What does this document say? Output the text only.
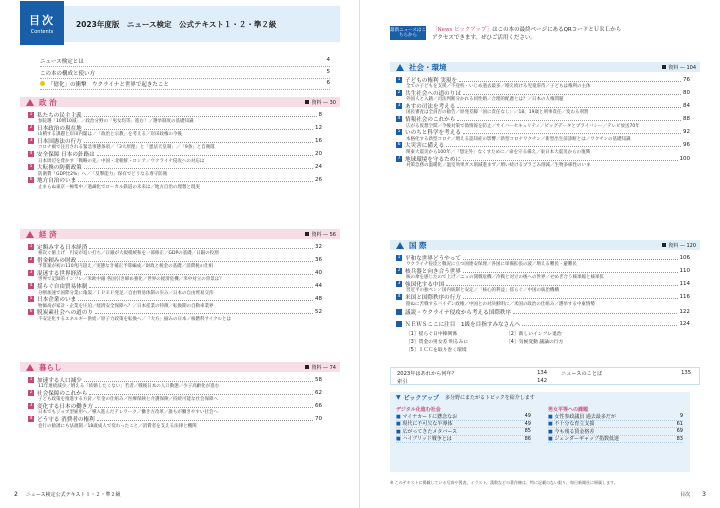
目次
Contents
2023年度版　ニュース検定　公式テキスト１・２・準２級
ニュース検定とは	4
この本の構成と使い方	5
「億化」の衝撃　ウクライナと世界で起きたこと	6
政 治	資料 — 30
1 私たちの民主主義	8
参院選「10増10減」／政治分野の「男女均等」進む！／選挙制度の基礎知識
2 日本政治の現在地	12
山積する課題と岸田内閣は／「政治と宗教」を考える／岸田政権の今後
3 日本国憲法の行方	16
コロナ禍で注目される緊急事態条項／「3大原理」と「憲法天皇制」／「9条」と自衛隊
4 安全保障 日本の針路は	20
日本周辺を脅かす「戦略の先」中国・北朝鮮・ロシア／ウクライナ侵攻への対応は
5 大転換の防衛政策	24
防衛費「GDP比2%」へ／「反撃能力」保有でどうなる専守防衛
6 地方自治のいま	26
止まらぬ東京一極集中／過疎化でローカル鉄道の未来は／地方自治の理想と現実
経 済	資料 — 56
1 定額みする日本経済	32
相次ぐ値上げ　円安が追い打ち／日銀が大規模緩和を一部修正／GDPの基礎／日銀の役割
2 借金頼みの財政	36
予算案が初の110兆円超え／実態なき補正予算編成／財政と税金の基礎／消費税の仕組
3 混迷する世界経済	40
世界で記録的インフレ／米欧中銀 各国引き締め強化／世界の経済危機／米中対立の背景は？
4 揺らぐ自由貿易体制	44
分断加速で国際分業に亀裂／ＩＰＥＦ発足／自由貿易体制の歩み／日本の自由貿易交渉
5 日本企業のいま	48
物価高が家計・企業を圧迫／経済安全保障へ？／日本産業の特徴／転換期の自動車業界
6 脱炭素社会への道のり	52
不安定化するエネルギー供給／原子力政策を転換へ／「大方」揃みの日本／核燃料サイクルとは
暮らし	資料 — 74
1 加速する人口減少	58
11年連続減少／増える「結婚したくない」若者／戦後日本の人口動態／少子高齢化が進む
2 社会保障のこれから	62
子ども政策を推進する方針／年金の仕組み／医療保険と介護保険／持続可能な社会保障へ
3 変化する日本の働き方	66
日本でもジョブ型雇用へ／導入進んだテレワーク／働き方改革／誰もが働きやすい社会へ
4 どう守る 消費者の権利	70
巻行の勧誘にも法規制／18歳成人で変わったこと／消費者を支える法律と機関
2 ニュース検定公式テキスト１・２・準２級
最新ニュースはこちらから
［News ピックアップ］はこの本の最終ページにあるQRコードとＵＲＬから
アクセスできます。ぜひご活用ください。
社会・環境	資料 — 104
1 子どもの権利 実現を	76
全ての子どもを支援／不登校・いじめ過去最多／増え続ける児童虐待／子どもは権利の主体
2 共生社会への道のりは	80
外国人と入籍／司法判断分かれる同性婚／合理的配慮とは？／日本の人権問題
3 あすの司法を考える	84
国民審査は全員否の勧告／原発差脚「国に責任なし」／18、19歳と刑事責任／変わる刑罰
4 情報社会のこれから	88
広がる仮想空間／今後対策で偽情報を防止／サイバーセキュリティ／ビッグデータとプライバシー／テレビ放送70年
5 いのちと科学を考える	92
本格化する新型コロナ／増える認知症の影響／新型コロナワクチン／新型出生前診断とは／ワクチンの基礎知識
6 大災害に備える	96
関東大震災から100年／「想定外」なくすために／命を守る備え／東日本大震災からの復興
7 地球環境を守るために	100
対策急務の温暖化／温室効果ガス削減進まず／増い続けるプラごみ削減／生物多様性のいま
国 際	資料 — 120
1 平和な世界どうやって	106
ウクライナ侵攻と戦況に立つ国連安保理／各国に軍備拡張の波／増える難民・避難民
2 核兵器と向き合う世界	110
核の傘を感じたので上げ／ニュの開戦危機／冷戦と対立の後への世界／せめぎ合う核軍縮と核軍拡
3 強国化する中国	114
習近平の独ペン／国内統制と安定／「核心的利益」揺らぐ／中国の統治機構
4 米国と国際秩序の行方	116
勘ぬに苦戦するバイデン政権／中国との対決鮮明に／米国の政治の仕組み／選挙する中東情勢
議説・ウクライナ侵攻から考える国際秩序	122
ＮＥＷＳここに注目　1級を目指すみなさんへ	124
［1］揺らぐ日中韓関係	［2］新しいインフレ退治
［3］賃金の男女差 明るみに	［4］気候変動 議論の行方
［5］ＩＣＣを取り巻く環境
2023年はあれから何年？	134	ニュースのことば	135
索引	142
▼ ピックアップ 多分野にまたがるトピックを紹介します
デジタル化進む社会
■ マイナカードに懸念なお	49
■ 現代に不可欠な半導体	49
■ 広がってきたメタバース	85
■ ハイブリッド戦争とは	86
男女平等への課題
■ 女性参政議員 過去最多だが	9
■ 不十分な育立支援	61
■ 今も残る賃金格差	69
■ ジェンダーギャップ指数低迷	83
※ このテキストに掲載している写真や図表、イラスト、漢数などの著作権は、特に記載のない限り、毎日新聞社に帰属します。
目次 3
